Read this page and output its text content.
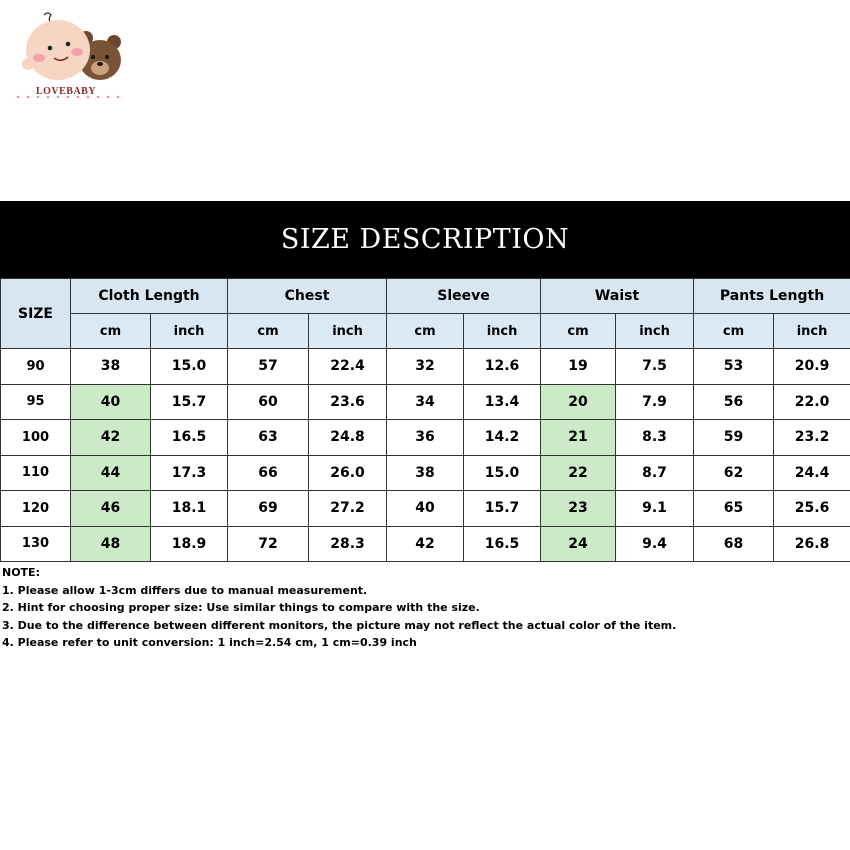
LOVEBABY
SIZE DESCRIPTION
SIZE	Cloth Length		Chest		Sleeve		Waist		Pants Length	
	cm	inch	cm	inch	cm	inch	cm	inch	cm	inch
90	38	15.0	57	22.4	32	12.6	19	7.5	53	20.9
95	40	15.7	60	23.6	34	13.4	20	7.9	56	22.0
100	42	16.5	63	24.8	36	14.2	21	8.3	59	23.2
110	44	17.3	66	26.0	38	15.0	22	8.7	62	24.4
120	46	18.1	69	27.2	40	15.7	23	9.1	65	25.6
130	48	18.9	72	28.3	42	16.5	24	9.4	68	26.8
NOTE:
1. Please allow 1-3cm differs due to manual measurement.
2. Hint for choosing proper size: Use similar things to compare with the size.
3. Due to the difference between different monitors, the picture may not reflect the actual color of the item.
4. Please refer to unit conversion: 1 inch=2.54 cm, 1 cm=0.39 inch
